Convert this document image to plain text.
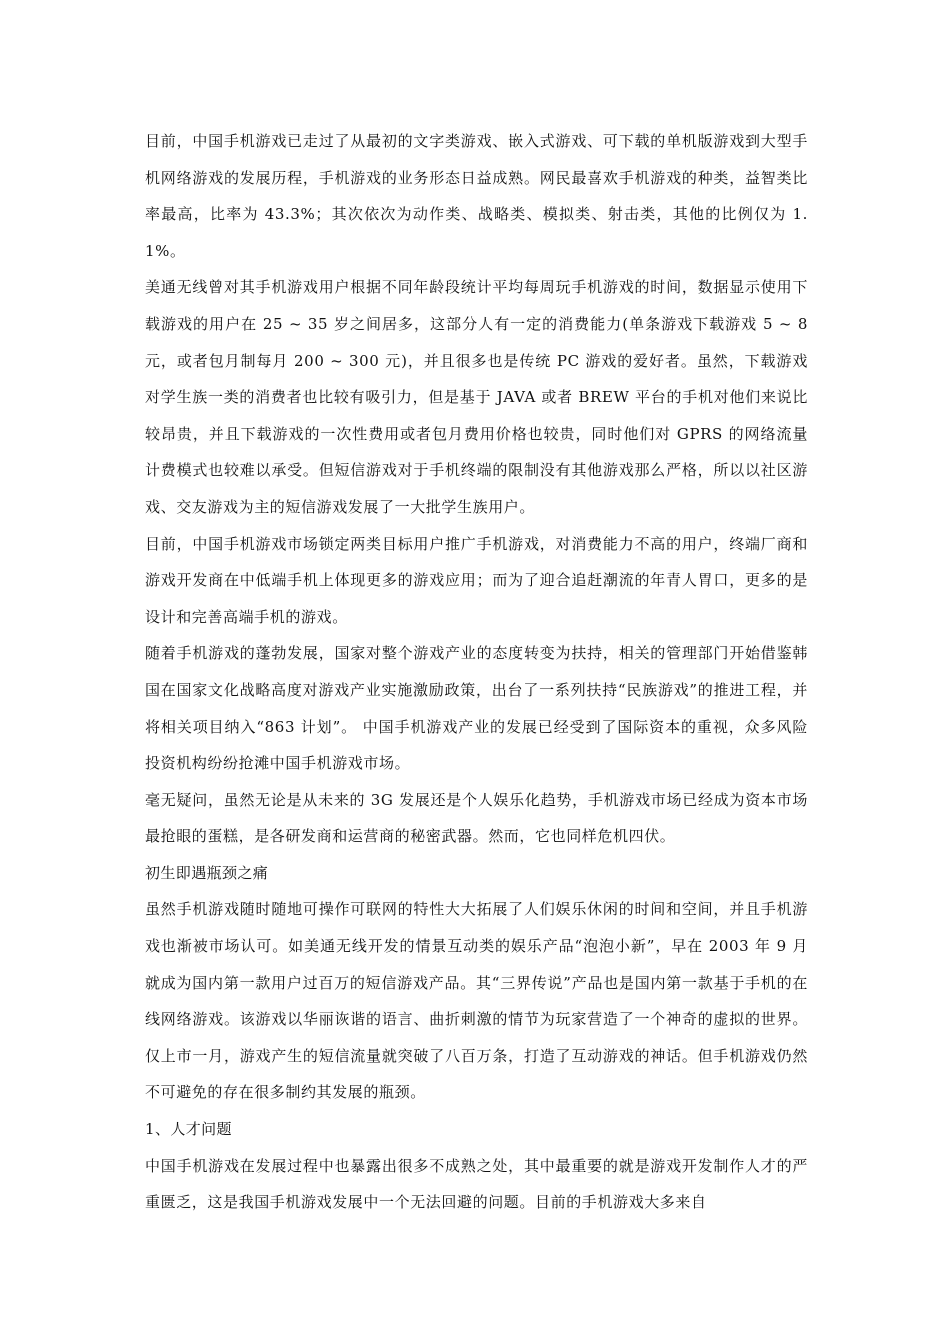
目前，中国手机游戏已走过了从最初的文字类游戏、嵌入式游戏、可下载的单机版游戏到大型手机网络游戏的发展历程，手机游戏的业务形态日益成熟。网民最喜欢手机游戏的种类，益智类比率最高，比率为 43.3%；其次依次为动作类、战略类、模拟类、射击类，其他的比例仅为 1.1%。

美通无线曾对其手机游戏用户根据不同年龄段统计平均每周玩手机游戏的时间，数据显示使用下载游戏的用户在 25 ~ 35 岁之间居多，这部分人有一定的消费能力(单条游戏下载游戏 5 ~ 8 元，或者包月制每月 200 ~ 300 元)，并且很多也是传统 PC 游戏的爱好者。虽然，下载游戏对学生族一类的消费者也比较有吸引力，但是基于 JAVA 或者 BREW 平台的手机对他们来说比较昂贵，并且下载游戏的一次性费用或者包月费用价格也较贵，同时他们对 GPRS 的网络流量计费模式也较难以承受。但短信游戏对于手机终端的限制没有其他游戏那么严格，所以以社区游戏、交友游戏为主的短信游戏发展了一大批学生族用户。

目前，中国手机游戏市场锁定两类目标用户推广手机游戏，对消费能力不高的用户，终端厂商和游戏开发商在中低端手机上体现更多的游戏应用；而为了迎合追赶潮流的年青人胃口，更多的是设计和完善高端手机的游戏。

随着手机游戏的蓬勃发展，国家对整个游戏产业的态度转变为扶持，相关的管理部门开始借鉴韩国在国家文化战略高度对游戏产业实施激励政策，出台了一系列扶持“民族游戏”的推进工程，并将相关项目纳入“863 计划”。 中国手机游戏产业的发展已经受到了国际资本的重视，众多风险投资机构纷纷抢滩中国手机游戏市场。

毫无疑问，虽然无论是从未来的 3G 发展还是个人娱乐化趋势，手机游戏市场已经成为资本市场最抢眼的蛋糕，是各研发商和运营商的秘密武器。然而，它也同样危机四伏。

初生即遇瓶颈之痛

虽然手机游戏随时随地可操作可联网的特性大大拓展了人们娱乐休闲的时间和空间，并且手机游戏也渐被市场认可。如美通无线开发的情景互动类的娱乐产品“泡泡小新”，早在 2003 年 9 月就成为国内第一款用户过百万的短信游戏产品。其“三界传说”产品也是国内第一款基于手机的在线网络游戏。该游戏以华丽诙谐的语言、曲折刺激的情节为玩家营造了一个神奇的虚拟的世界。仅上市一月，游戏产生的短信流量就突破了八百万条，打造了互动游戏的神话。但手机游戏仍然不可避免的存在很多制约其发展的瓶颈。

1、人才问题

中国手机游戏在发展过程中也暴露出很多不成熟之处，其中最重要的就是游戏开发制作人才的严重匮乏，这是我国手机游戏发展中一个无法回避的问题。目前的手机游戏大多来自
